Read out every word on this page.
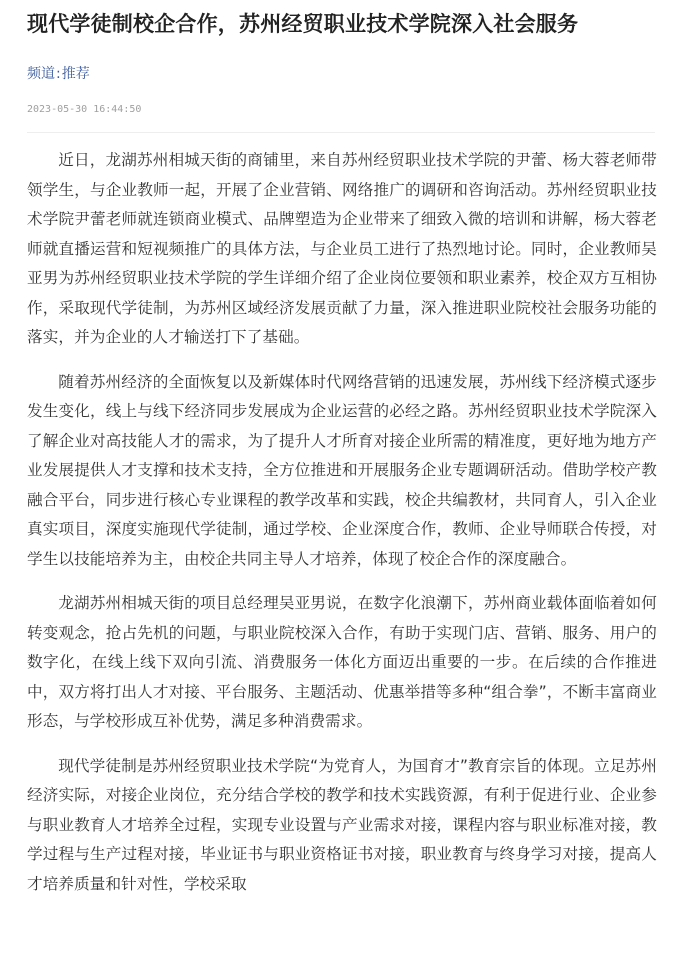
现代学徒制校企合作，苏州经贸职业技术学院深入社会服务
频道:推荐
2023-05-30 16:44:50

近日，龙湖苏州相城天街的商铺里，来自苏州经贸职业技术学院的尹蕾、杨大蓉老师带领学生，与企业教师一起，开展了企业营销、网络推广的调研和咨询活动。苏州经贸职业技术学院尹蕾老师就连锁商业模式、品牌塑造为企业带来了细致入微的培训和讲解，杨大蓉老师就直播运营和短视频推广的具体方法，与企业员工进行了热烈地讨论。同时，企业教师吴亚男为苏州经贸职业技术学院的学生详细介绍了企业岗位要领和职业素养，校企双方互相协作，采取现代学徒制，为苏州区域经济发展贡献了力量，深入推进职业院校社会服务功能的落实，并为企业的人才输送打下了基础。

随着苏州经济的全面恢复以及新媒体时代网络营销的迅速发展，苏州线下经济模式逐步发生变化，线上与线下经济同步发展成为企业运营的必经之路。苏州经贸职业技术学院深入了解企业对高技能人才的需求，为了提升人才所育对接企业所需的精准度，更好地为地方产业发展提供人才支撑和技术支持，全方位推进和开展服务企业专题调研活动。借助学校产教融合平台，同步进行核心专业课程的教学改革和实践，校企共编教材，共同育人，引入企业真实项目，深度实施现代学徒制，通过学校、企业深度合作，教师、企业导师联合传授，对学生以技能培养为主，由校企共同主导人才培养，体现了校企合作的深度融合。

龙湖苏州相城天街的项目总经理吴亚男说，在数字化浪潮下，苏州商业载体面临着如何转变观念，抢占先机的问题，与职业院校深入合作，有助于实现门店、营销、服务、用户的数字化，在线上线下双向引流、消费服务一体化方面迈出重要的一步。在后续的合作推进中，双方将打出人才对接、平台服务、主题活动、优惠举措等多种“组合拳”，不断丰富商业形态，与学校形成互补优势，满足多种消费需求。

现代学徒制是苏州经贸职业技术学院“为党育人，为国育才”教育宗旨的体现。立足苏州经济实际，对接企业岗位，充分结合学校的教学和技术实践资源，有利于促进行业、企业参与职业教育人才培养全过程，实现专业设置与产业需求对接，课程内容与职业标准对接，教学过程与生产过程对接，毕业证书与职业资格证书对接，职业教育与终身学习对接，提高人才培养质量和针对性，学校采取
